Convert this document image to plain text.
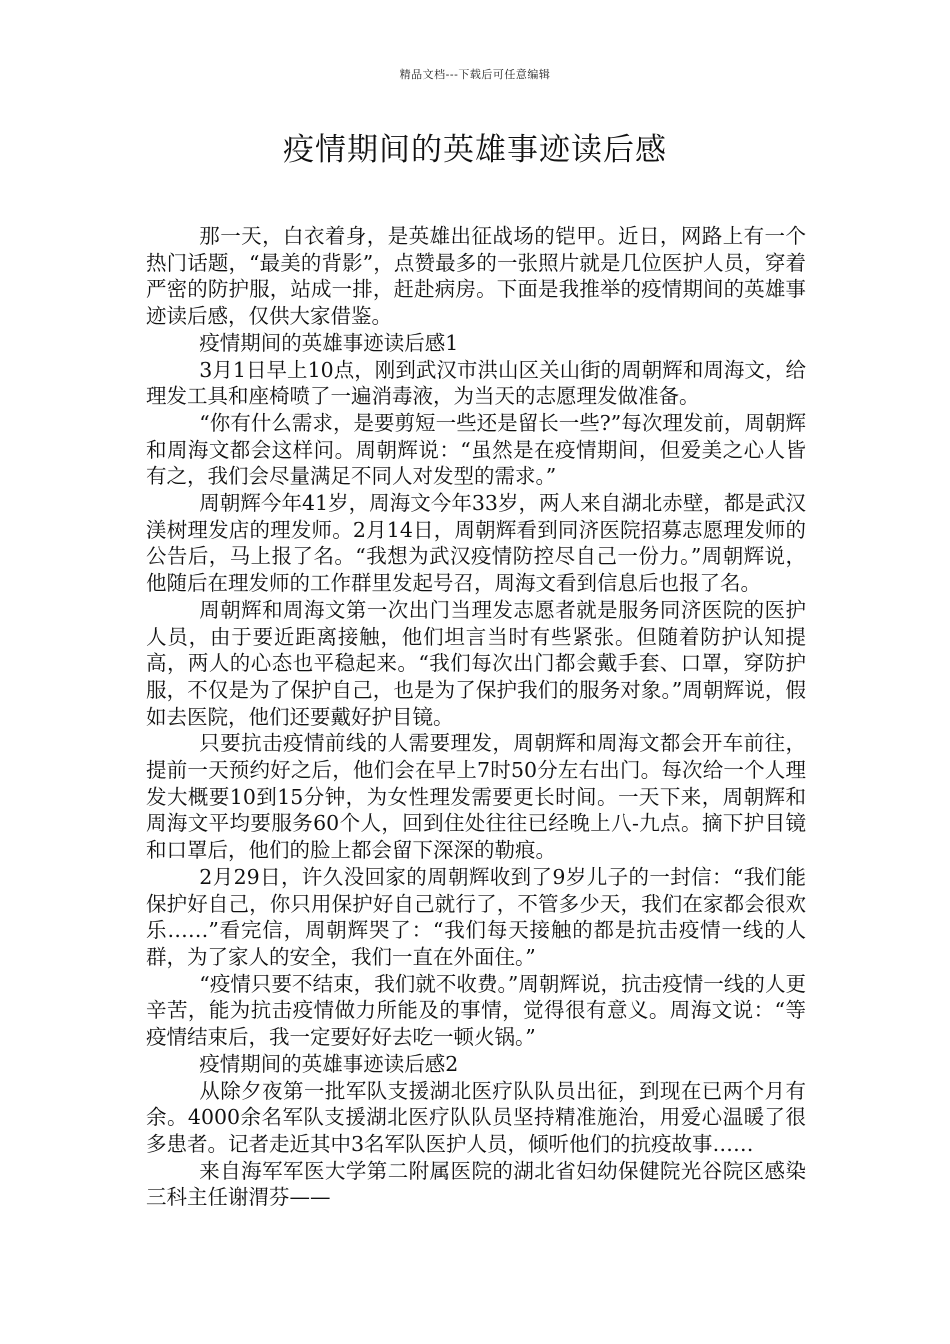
精品文档---下载后可任意编辑
疫情期间的英雄事迹读后感

那一天，白衣着身，是英雄出征战场的铠甲。近日，网路上有一个热门话题，“最美的背影”，点赞最多的一张照片就是几位医护人员，穿着严密的防护服，站成一排，赶赴病房。下面是我推举的疫情期间的英雄事迹读后感，仅供大家借鉴。

疫情期间的英雄事迹读后感1

3月1日早上10点，刚到武汉市洪山区关山街的周朝辉和周海文，给理发工具和座椅喷了一遍消毒液，为当天的志愿理发做准备。

“你有什么需求，是要剪短一些还是留长一些?”每次理发前，周朝辉和周海文都会这样问。周朝辉说：“虽然是在疫情期间，但爱美之心人皆有之，我们会尽量满足不同人对发型的需求。”

周朝辉今年41岁，周海文今年33岁，两人来自湖北赤壁，都是武汉渼树理发店的理发师。2月14日，周朝辉看到同济医院招募志愿理发师的公告后，马上报了名。“我想为武汉疫情防控尽自己一份力。”周朝辉说，他随后在理发师的工作群里发起号召，周海文看到信息后也报了名。

周朝辉和周海文第一次出门当理发志愿者就是服务同济医院的医护人员，由于要近距离接触，他们坦言当时有些紧张。但随着防护认知提高，两人的心态也平稳起来。“我们每次出门都会戴手套、口罩，穿防护服，不仅是为了保护自己，也是为了保护我们的服务对象。”周朝辉说，假如去医院，他们还要戴好护目镜。

只要抗击疫情前线的人需要理发，周朝辉和周海文都会开车前往，提前一天预约好之后，他们会在早上7时50分左右出门。每次给一个人理发大概要10到15分钟，为女性理发需要更长时间。一天下来，周朝辉和周海文平均要服务60个人，回到住处往往已经晚上八-九点。摘下护目镜和口罩后，他们的脸上都会留下深深的勒痕。

2月29日，许久没回家的周朝辉收到了9岁儿子的一封信：“我们能保护好自己，你只用保护好自己就行了，不管多少天，我们在家都会很欢乐……”看完信，周朝辉哭了：“我们每天接触的都是抗击疫情一线的人群，为了家人的安全，我们一直在外面住。”

“疫情只要不结束，我们就不收费。”周朝辉说，抗击疫情一线的人更辛苦，能为抗击疫情做力所能及的事情，觉得很有意义。周海文说：“等疫情结束后，我一定要好好去吃一顿火锅。”

疫情期间的英雄事迹读后感2

从除夕夜第一批军队支援湖北医疗队队员出征，到现在已两个月有余。4000余名军队支援湖北医疗队队员坚持精准施治，用爱心温暖了很多患者。记者走近其中3名军队医护人员，倾听他们的抗疫故事……

来自海军军医大学第二附属医院的湖北省妇幼保健院光谷院区感染三科主任谢渭芬——
